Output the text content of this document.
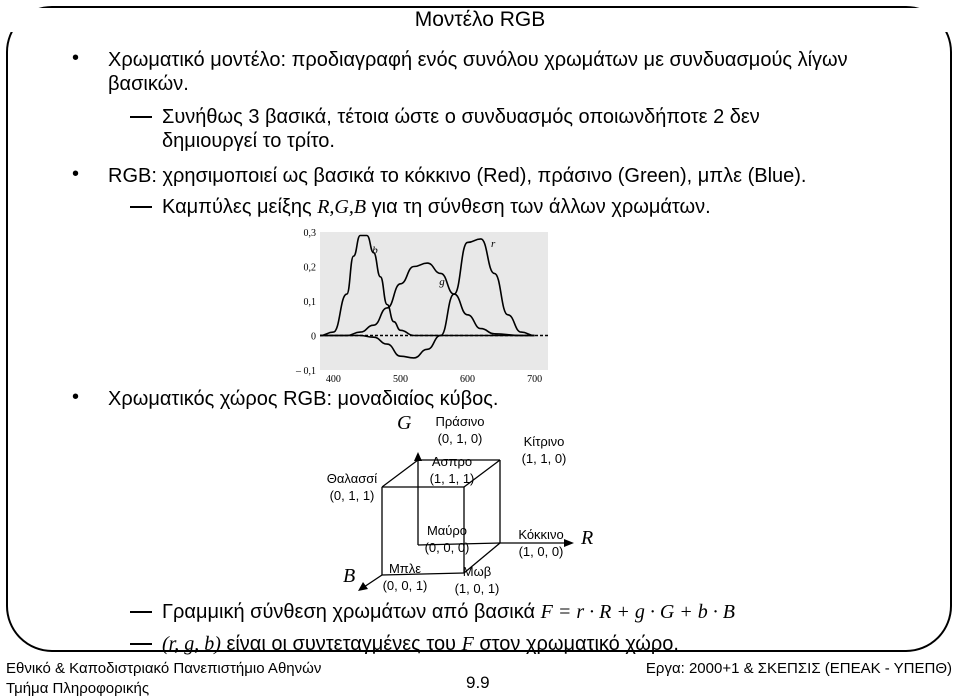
Μοντέλο RGB
• Χρωματικό μοντέλο: προδιαγραφή ενός συνόλου χρωμάτων με συνδυασμούς λίγων βασικών.
Συνήθως 3 βασικά, τέτοια ώστε ο συνδυασμός οποιωνδήποτε 2 δεν δημιουργεί το τρίτο.
• RGB: χρησιμοποιεί ως βασικά το κόκκινο (Red), πράσινο (Green), μπλε (Blue).
Καμπύλες μείξης R,G,B για τη σύνθεση των άλλων χρωμάτων.
0,3
0,2
0,1
0
– 0,1
400	500	600	700
b
g
r
• Χρωματικός χώρος RGB: μοναδιαίος κύβος.
G
R
B
Πράσινο
(0, 1, 0)	Κίτρινο
(1, 1, 0)
Ασπρο
(1, 1, 1)
Θαλασσί
(0, 1, 1)
Μαύρο
(0, 0, 0)
Κόκκινο
(1, 0, 0)
Μπλε
(0, 0, 1)
Μωβ
(1, 0, 1)
Γραμμική σύνθεση χρωμάτων από βασικά F = r · R + g · G + b · B
(r, g, b) είναι οι συντεταγμένες του F στον χρωματικό χώρο.
Εθνικό & Καποδιστριακό Πανεπιστήμιο Αθηνών
Τμήμα Πληροφορικής	9.9
Εργα: 2000+1 & ΣΚΕΠΣΙΣ (ΕΠΕΑΚ - ΥΠΕΠΘ)
